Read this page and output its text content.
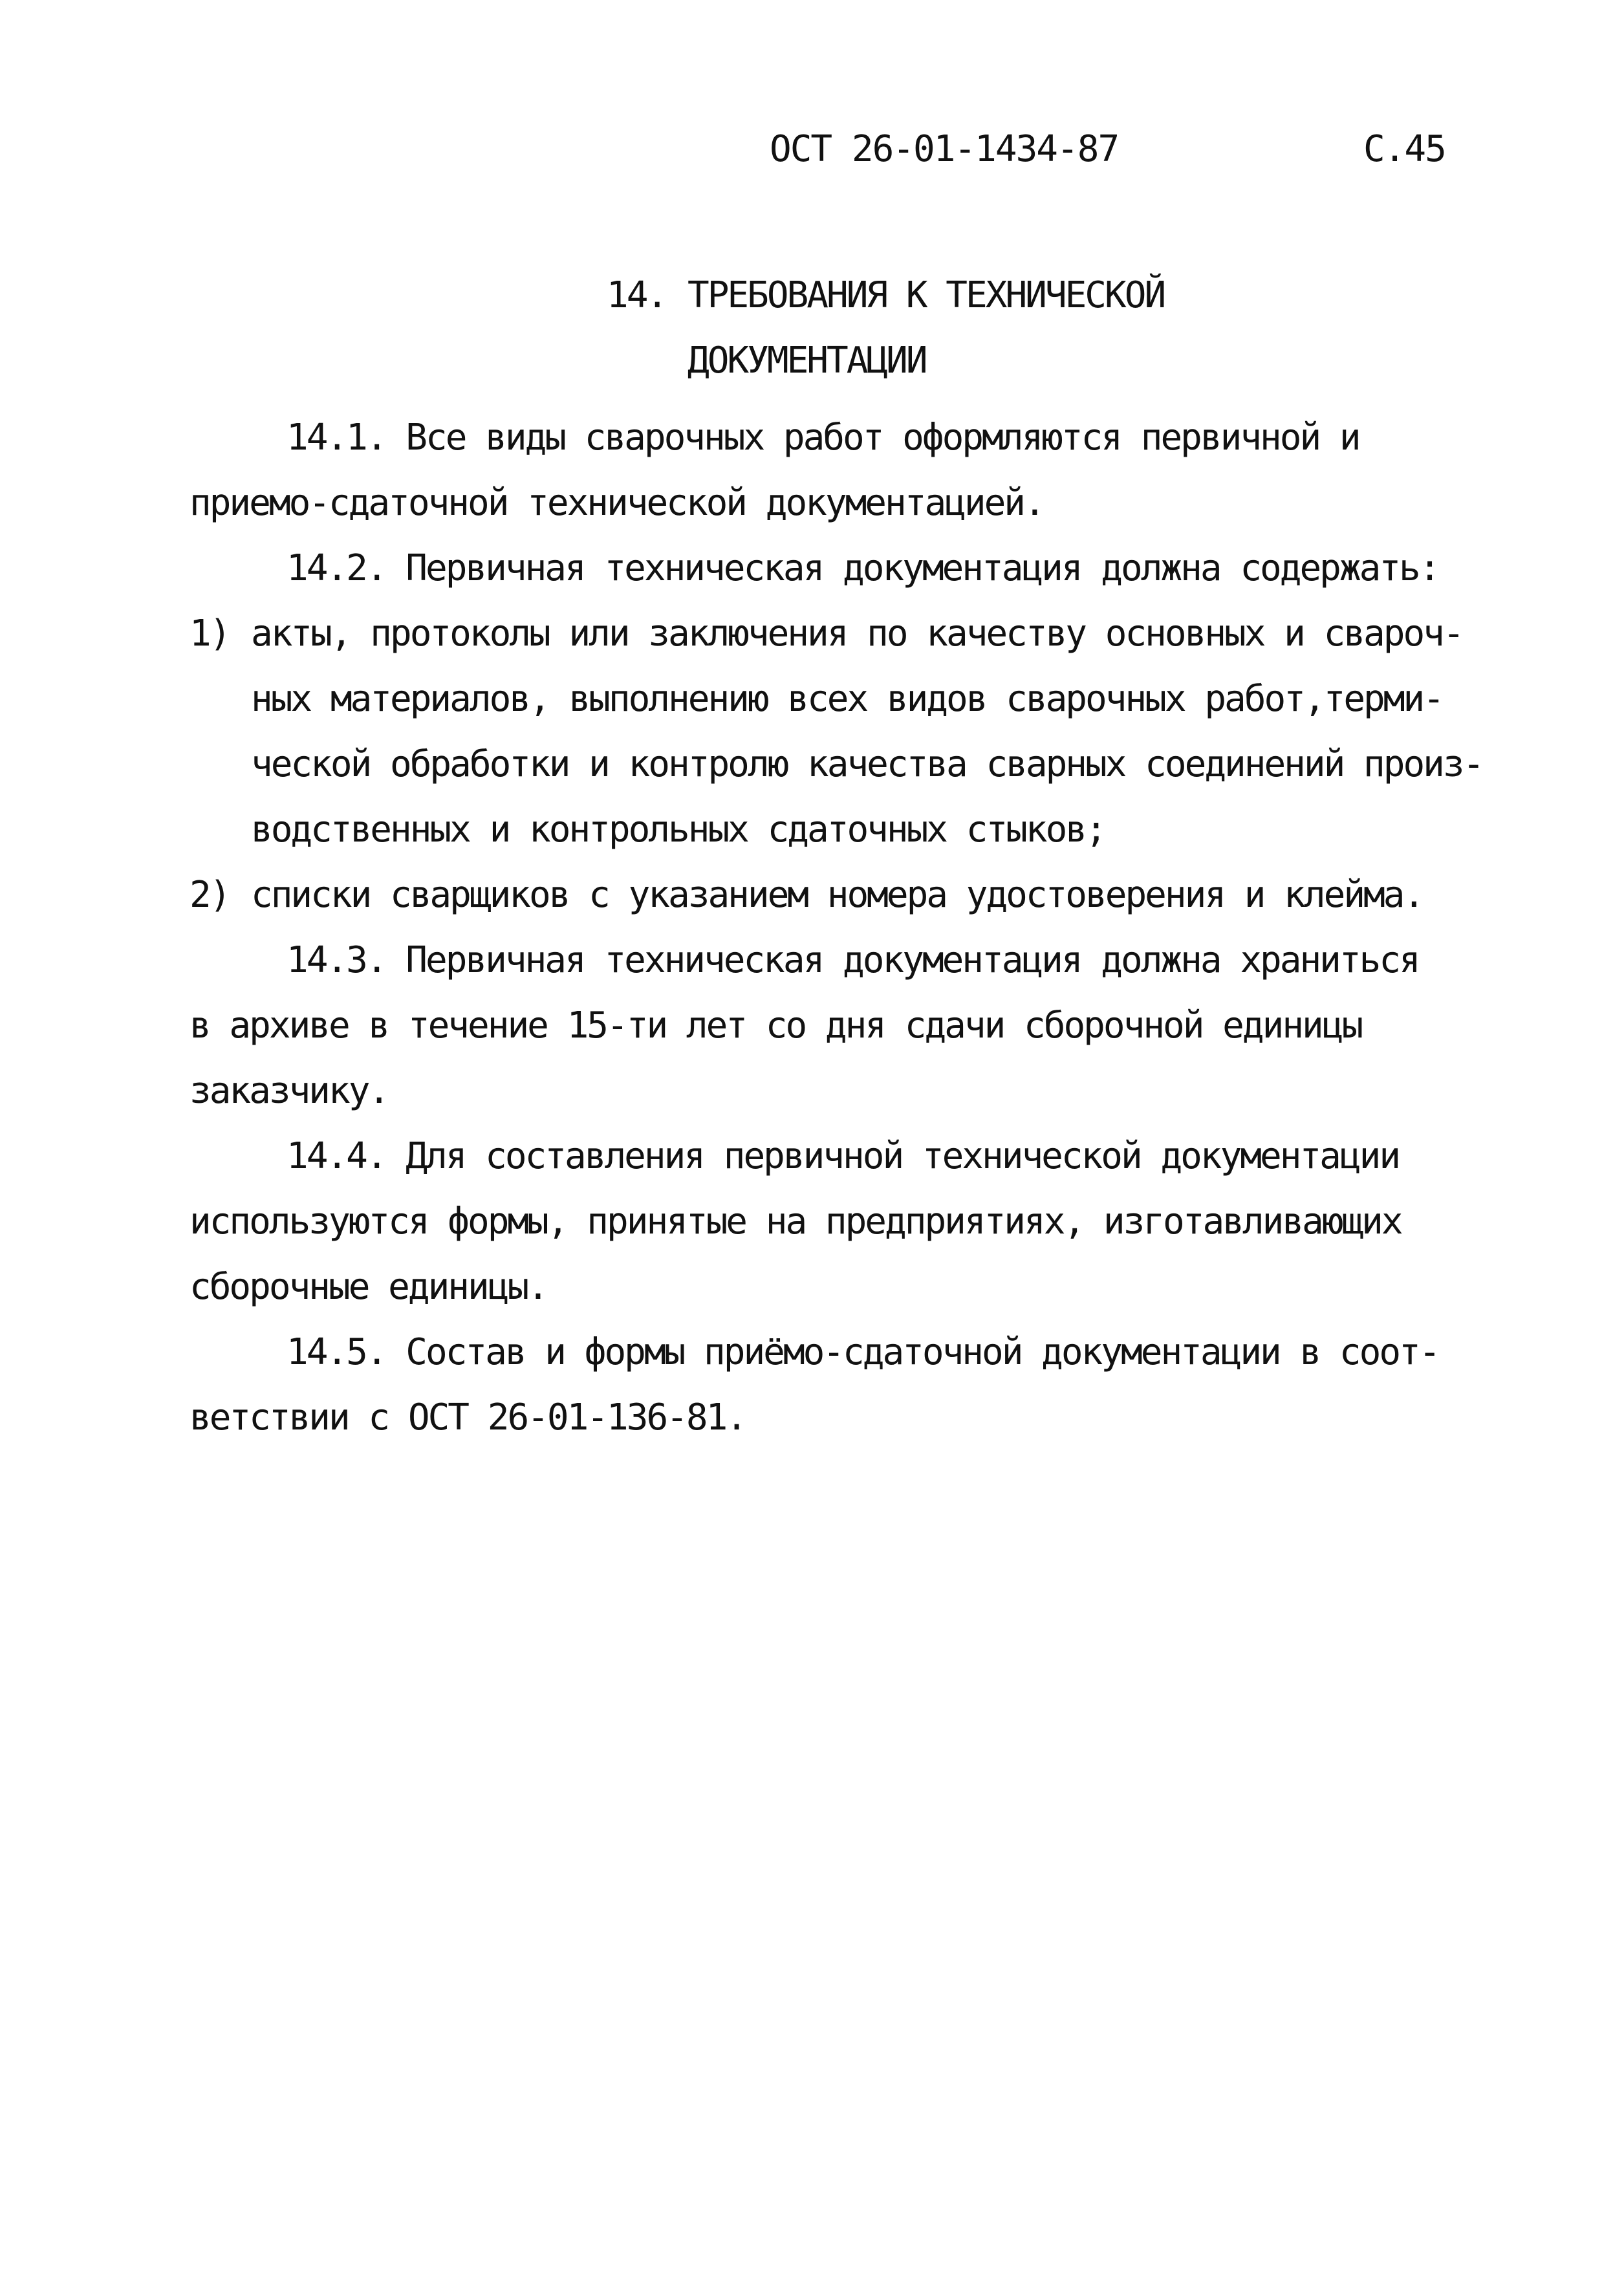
ОСТ 26-01-1434-87	С.45
14. ТРЕБОВАНИЯ К ТЕХНИЧЕСКОЙ
ДОКУМЕНТАЦИИ
14.1. Все виды сварочных работ оформляются первичной и
приемо-сдаточной технической документацией.
14.2. Первичная техническая документация должна содержать:
1) акты, протоколы или заключения по качеству основных и свароч-
ных материалов, выполнению всех видов сварочных работ,терми-
ческой обработки и контролю качества сварных соединений произ-
водственных и контрольных сдаточных стыков;
2) списки сварщиков с указанием номера удостоверения и клейма.
14.3. Первичная техническая документация должна храниться
в архиве в течение 15-ти лет со дня сдачи сборочной единицы
заказчику.
14.4. Для составления первичной технической документации
используются формы, принятые на предприятиях, изготавливающих
сборочные единицы.
14.5. Состав и формы приёмо-сдаточной документации в соот-
ветствии с ОСТ 26-01-136-81.
